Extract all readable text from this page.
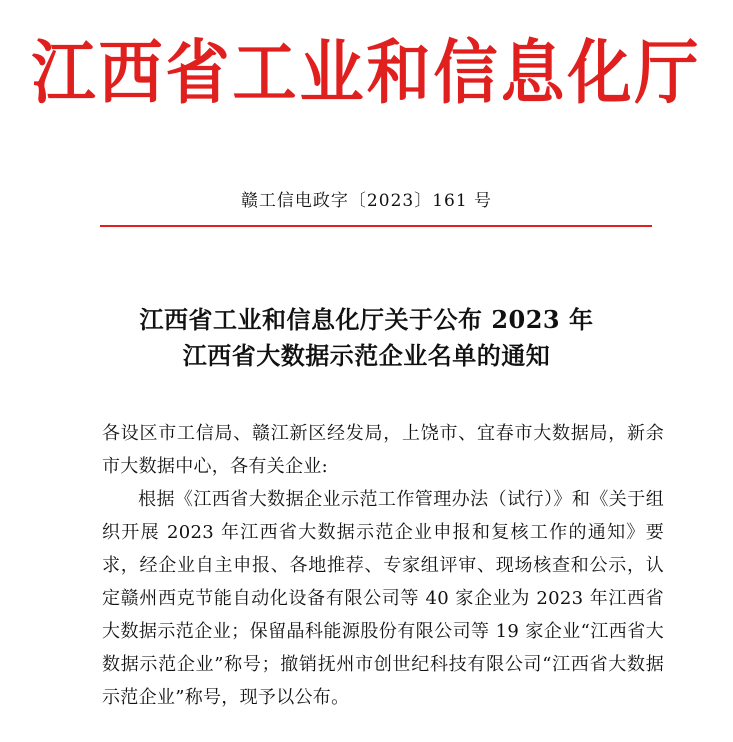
江西省工业和信息化厅
赣工信电政字〔2023〕161 号
江西省工业和信息化厅关于公布 2023 年
江西省大数据示范企业名单的通知

各设区市工信局、赣江新区经发局，上饶市、宜春市大数据局，新余市大数据中心，各有关企业:

根据《江西省大数据企业示范工作管理办法（试行）》和《关于组织开展 2023 年江西省大数据示范企业申报和复核工作的通知》要求，经企业自主申报、各地推荐、专家组评审、现场核查和公示，认定赣州西克节能自动化设备有限公司等 40 家企业为 2023 年江西省大数据示范企业；保留晶科能源股份有限公司等 19 家企业“江西省大数据示范企业”称号；撤销抚州市创世纪科技有限公司“江西省大数据示范企业”称号，现予以公布。
